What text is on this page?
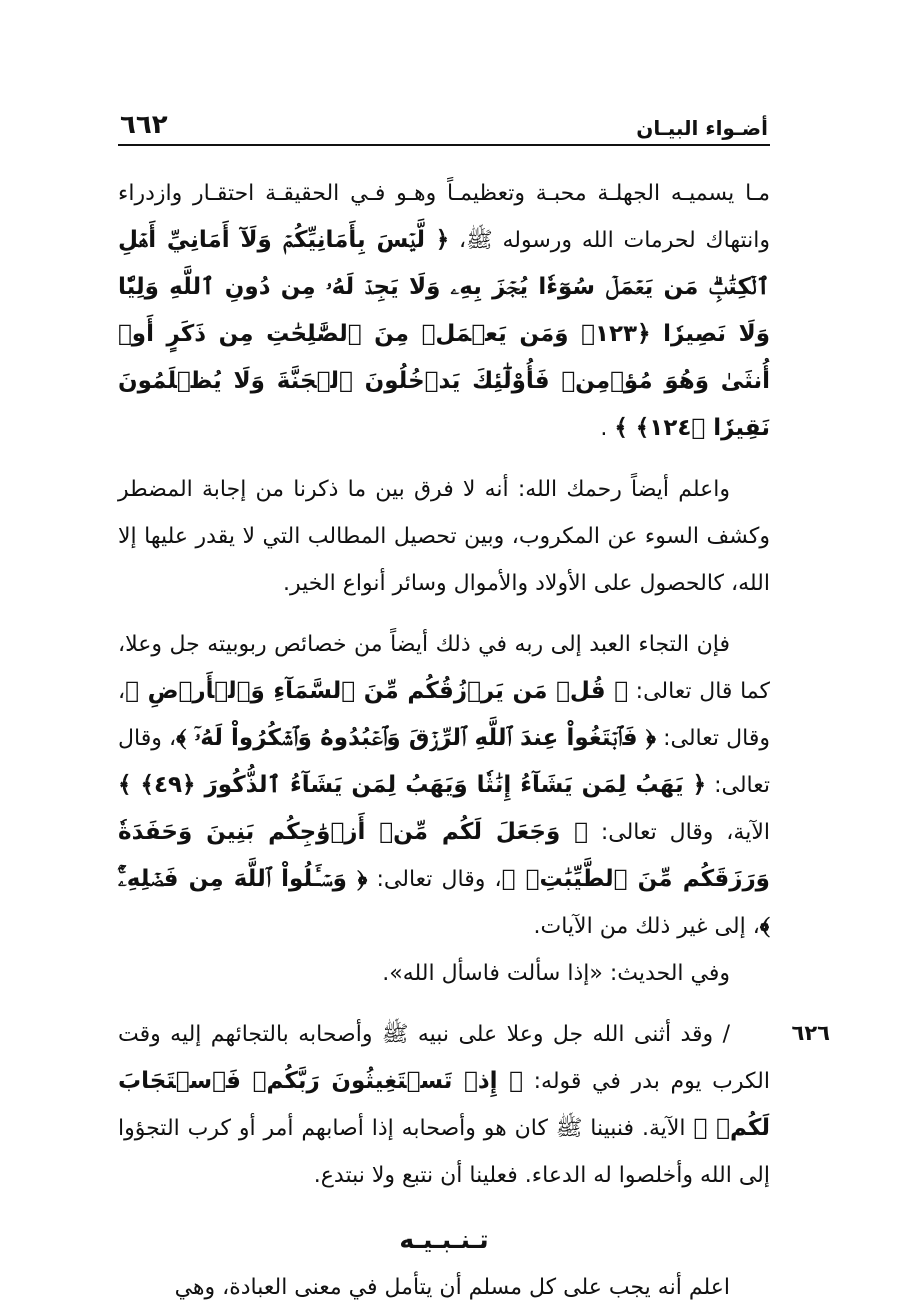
أضـواء البيـان
٦٦٢

مـا يسميـه الجهلـة محبـة وتعظيمـاً وهـو فـي الحقيقـة احتقـار وازدراء وانتهاك لحرمات الله ورسوله ﷺ، ﴿ لَّيۡسَ بِأَمَانِيِّكُمۡ وَلَآ أَمَانِيِّ أَهۡلِ ٱلۡكِتَٰبِۗ مَن يَعۡمَلۡ سُوٓءٗا يُجۡزَ بِهِۦ وَلَا يَجِدۡ لَهُۥ مِن دُونِ ٱللَّهِ وَلِيّٗا وَلَا نَصِيرٗا ﴿١٢٣﴾ وَمَن يَعۡمَلۡ مِنَ ٱلصَّٰلِحَٰتِ مِن ذَكَرٍ أَوۡ أُنثَىٰ وَهُوَ مُؤۡمِنٞ فَأُوْلَٰٓئِكَ يَدۡخُلُونَ ٱلۡجَنَّةَ وَلَا يُظۡلَمُونَ نَقِيرٗا ﴿١٢٤﴾ ﴾ .

واعلم أيضاً رحمك الله: أنه لا فرق بين ما ذكرنا من إجابة المضطر وكشف السوء عن المكروب، وبين تحصيل المطالب التي لا يقدر عليها إلا الله، كالحصول على الأولاد والأموال وسائر أنواع الخير.

فإن التجاء العبد إلى ربه في ذلك أيضاً من خصائص ربوبيته جل وعلا، كما قال تعالى: ﴿ قُلۡ مَن يَرۡزُقُكُم مِّنَ ٱلسَّمَآءِ وَٱلۡأَرۡضِ ﴾، وقال تعالى: ﴿ فَٱبۡتَغُواْ عِندَ ٱللَّهِ ٱلرِّزۡقَ وَٱعۡبُدُوهُ وَٱشۡكُرُواْ لَهُۥٓ ﴾، وقال تعالى: ﴿ يَهَبُ لِمَن يَشَآءُ إِنَٰثٗا وَيَهَبُ لِمَن يَشَآءُ ٱلذُّكُورَ ﴿٤٩﴾ ﴾ الآية، وقال تعالى: ﴿ وَجَعَلَ لَكُم مِّنۡ أَزۡوَٰجِكُم بَنِينَ وَحَفَدَةٗ وَرَزَقَكُم مِّنَ ٱلطَّيِّبَٰتِۚ ﴾، وقال تعالى: ﴿ وَسۡـَٔلُواْ ٱللَّهَ مِن فَضۡلِهِۦٓۚ ﴾، إلى غير ذلك من الآيات.

وفي الحديث: «إذا سألت فاسأل الله».

٦٢٦

/ وقد أثنى الله جل وعلا على نبيه ﷺ وأصحابه بالتجائهم إليه وقت الكرب يوم بدر في قوله: ﴿ إِذۡ تَسۡتَغِيثُونَ رَبَّكُمۡ فَٱسۡتَجَابَ لَكُمۡ ﴾ الآية. فنبينا ﷺ كان هو وأصحابه إذا أصابهم أمر أو كرب التجؤوا إلى الله وأخلصوا له الدعاء. فعلينا أن نتبع ولا نبتدع.

تـنـبـيـه

اعلم أنه يجب على كل مسلم أن يتأمل في معنى العبادة، وهي
